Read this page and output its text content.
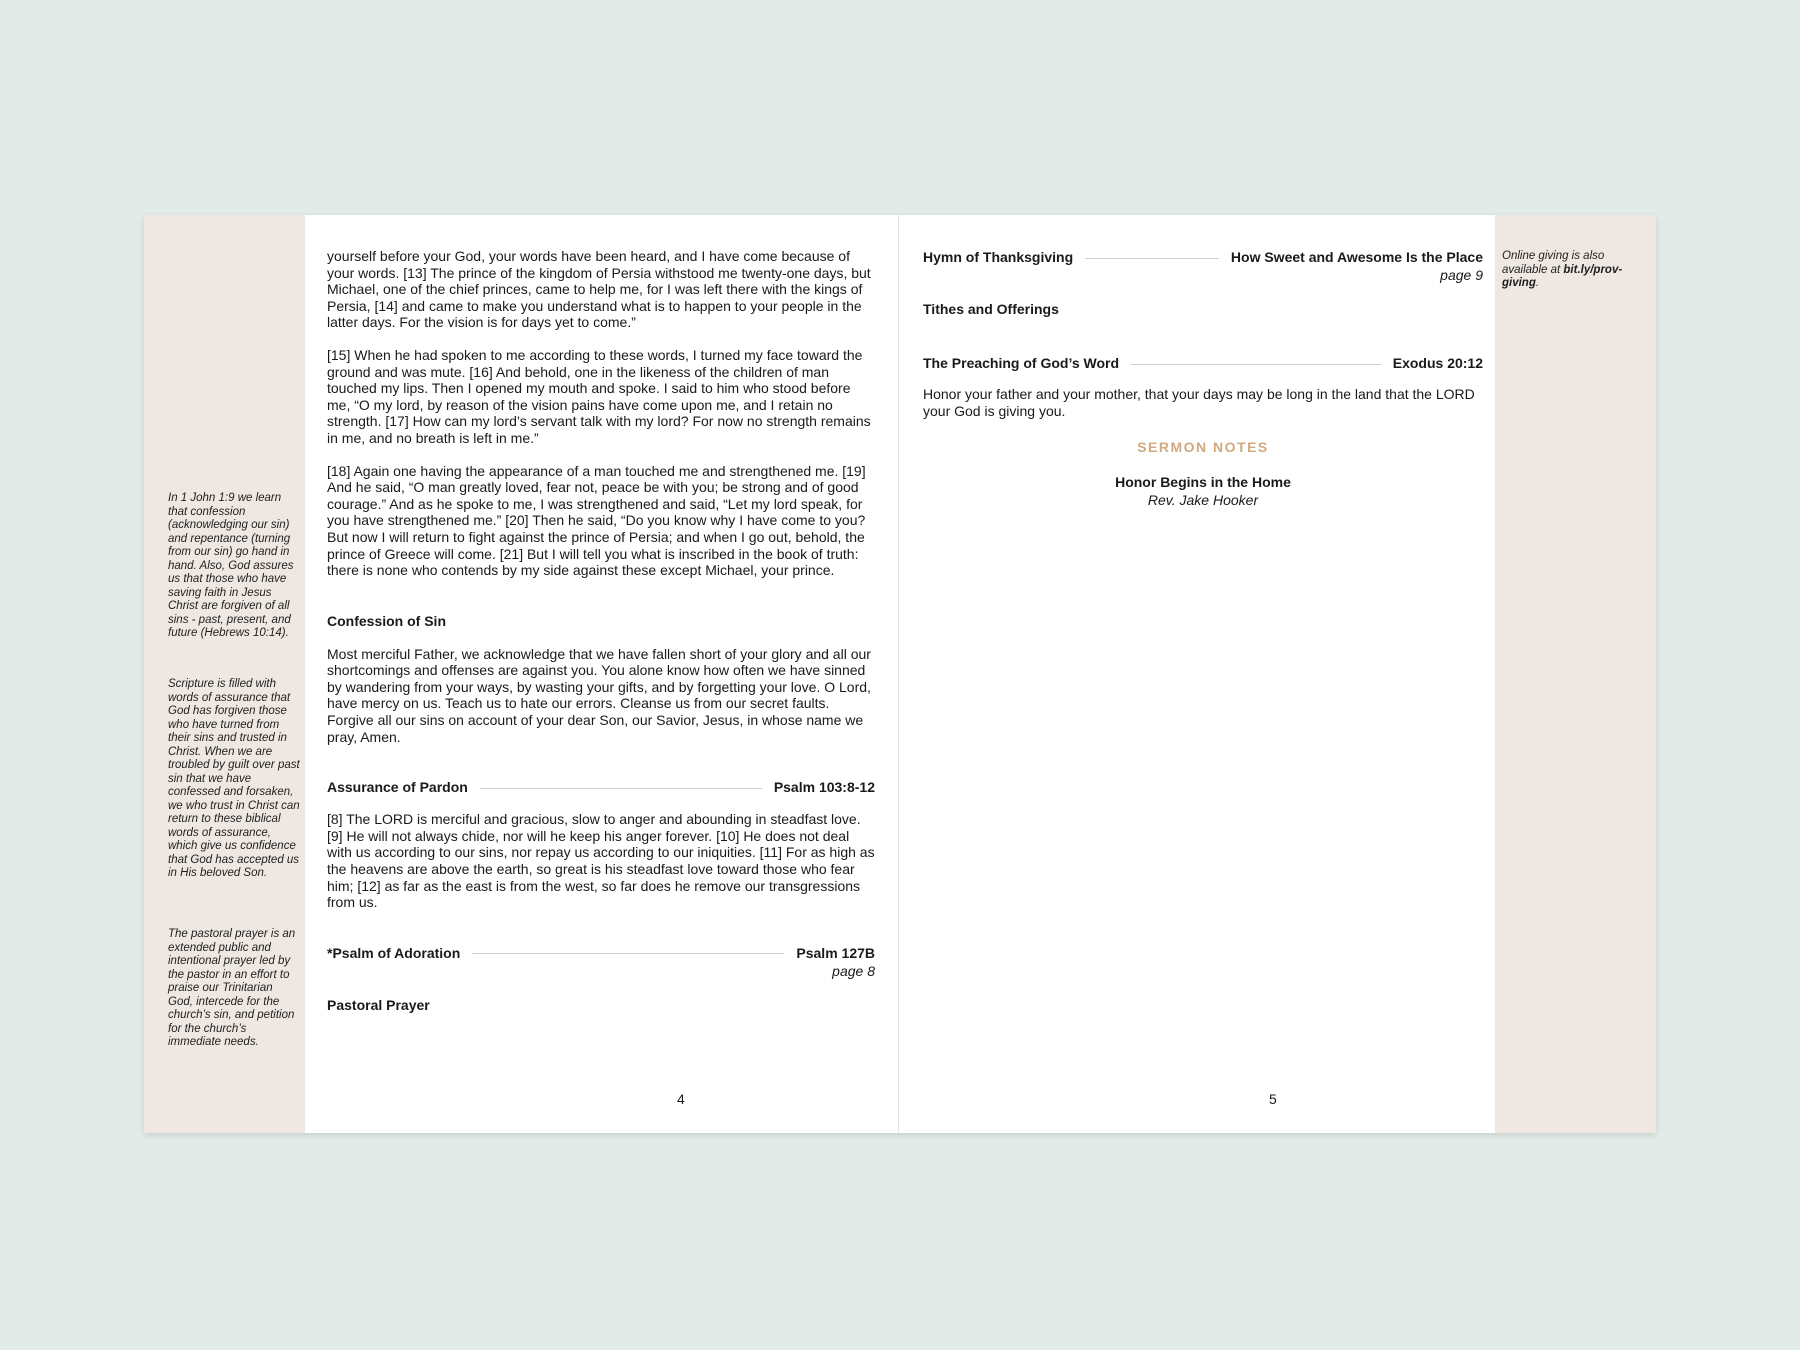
In 1 John 1:9 we learn that confession (acknowledging our sin) and repentance (turning from our sin) go hand in hand. Also, God assures us that those who have saving faith in Jesus Christ are forgiven of all sins - past, present, and future (Hebrews 10:14).
Scripture is filled with words of assurance that God has forgiven those who have turned from their sins and trusted in Christ. When we are troubled by guilt over past sin that we have confessed and forsaken, we who trust in Christ can return to these biblical words of assurance, which give us confidence that God has accepted us in His beloved Son.
The pastoral prayer is an extended public and intentional prayer led by the pastor in an effort to praise our Trinitarian God, intercede for the church’s sin, and petition for the church’s immediate needs.

yourself before your God, your words have been heard, and I have come because of your words. [13] The prince of the kingdom of Persia withstood me twenty-one days, but Michael, one of the chief princes, came to help me, for I was left there with the kings of Persia, [14] and came to make you understand what is to happen to your people in the latter days. For the vision is for days yet to come.”

[15] When he had spoken to me according to these words, I turned my face toward the ground and was mute. [16] And behold, one in the likeness of the children of man touched my lips. Then I opened my mouth and spoke. I said to him who stood before me, “O my lord, by reason of the vision pains have come upon me, and I retain no strength. [17] How can my lord’s servant talk with my lord? For now no strength remains in me, and no breath is left in me.”

[18] Again one having the appearance of a man touched me and strengthened me. [19] And he said, “O man greatly loved, fear not, peace be with you; be strong and of good courage.” And as he spoke to me, I was strengthened and said, “Let my lord speak, for you have strengthened me.” [20] Then he said, “Do you know why I have come to you? But now I will return to fight against the prince of Persia; and when I go out, behold, the prince of Greece will come. [21] But I will tell you what is inscribed in the book of truth: there is none who contends by my side against these except Michael, your prince.

Confession of Sin

Most merciful Father, we acknowledge that we have fallen short of your glory and all our shortcomings and offenses are against you. You alone know how often we have sinned by wandering from your ways, by wasting your gifts, and by forgetting your love. O Lord, have mercy on us. Teach us to hate our errors. Cleanse us from our secret faults. Forgive all our sins on account of your dear Son, our Savior, Jesus, in whose name we pray, Amen.

Assurance of Pardon	Psalm 103:8-12

[8] The LORD is merciful and gracious, slow to anger and abounding in steadfast love. [9] He will not always chide, nor will he keep his anger forever. [10] He does not deal with us according to our sins, nor repay us according to our iniquities. [11] For as high as the heavens are above the earth, so great is his steadfast love toward those who fear him; [12] as far as the east is from the west, so far does he remove our transgressions from us.

*Psalm of Adoration	Psalm 127B
page 8
Pastoral Prayer
4
Hymn of Thanksgiving	How Sweet and Awesome Is the Place
page 9
Tithes and Offerings
The Preaching of God’s Word	Exodus 20:12

Honor your father and your mother, that your days may be long in the land that the LORD your God is giving you.

SERMON NOTES
Honor Begins in the Home
Rev. Jake Hooker
5
Online giving is also available at bit.ly/prov-giving.
